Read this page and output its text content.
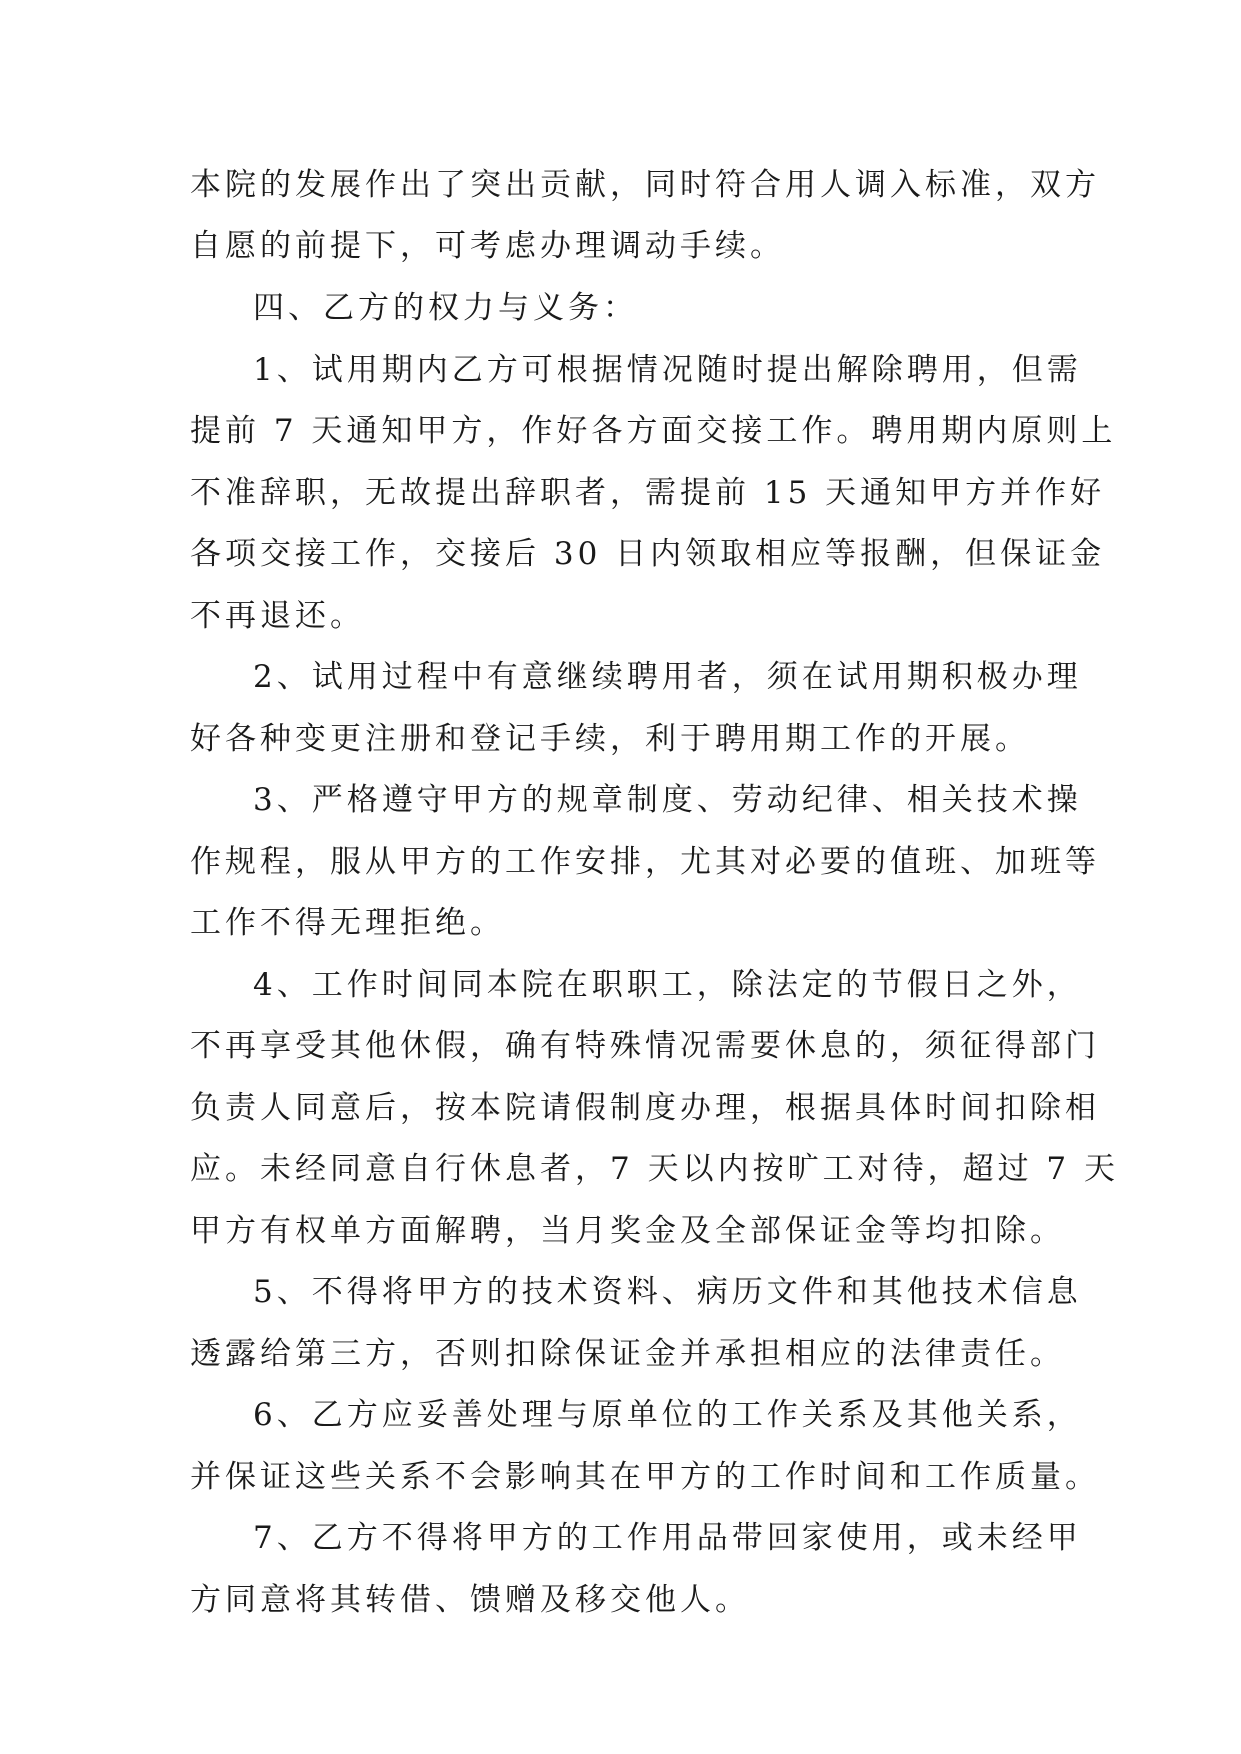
本院的发展作出了突出贡献，同时符合用人调入标准，双方
自愿的前提下，可考虑办理调动手续。
四、乙方的权力与义务：
1、试用期内乙方可根据情况随时提出解除聘用，但需
提前 7 天通知甲方，作好各方面交接工作。聘用期内原则上
不准辞职，无故提出辞职者，需提前 15 天通知甲方并作好
各项交接工作，交接后 30 日内领取相应等报酬，但保证金
不再退还。
2、试用过程中有意继续聘用者，须在试用期积极办理
好各种变更注册和登记手续，利于聘用期工作的开展。
3、严格遵守甲方的规章制度、劳动纪律、相关技术操
作规程，服从甲方的工作安排，尤其对必要的值班、加班等
工作不得无理拒绝。
4、工作时间同本院在职职工，除法定的节假日之外，
不再享受其他休假，确有特殊情况需要休息的，须征得部门
负责人同意后，按本院请假制度办理，根据具体时间扣除相
应。未经同意自行休息者，7 天以内按旷工对待，超过 7 天
甲方有权单方面解聘，当月奖金及全部保证金等均扣除。
5、不得将甲方的技术资料、病历文件和其他技术信息
透露给第三方，否则扣除保证金并承担相应的法律责任。
6、乙方应妥善处理与原单位的工作关系及其他关系，
并保证这些关系不会影响其在甲方的工作时间和工作质量。
7、乙方不得将甲方的工作用品带回家使用，或未经甲
方同意将其转借、馈赠及移交他人。
